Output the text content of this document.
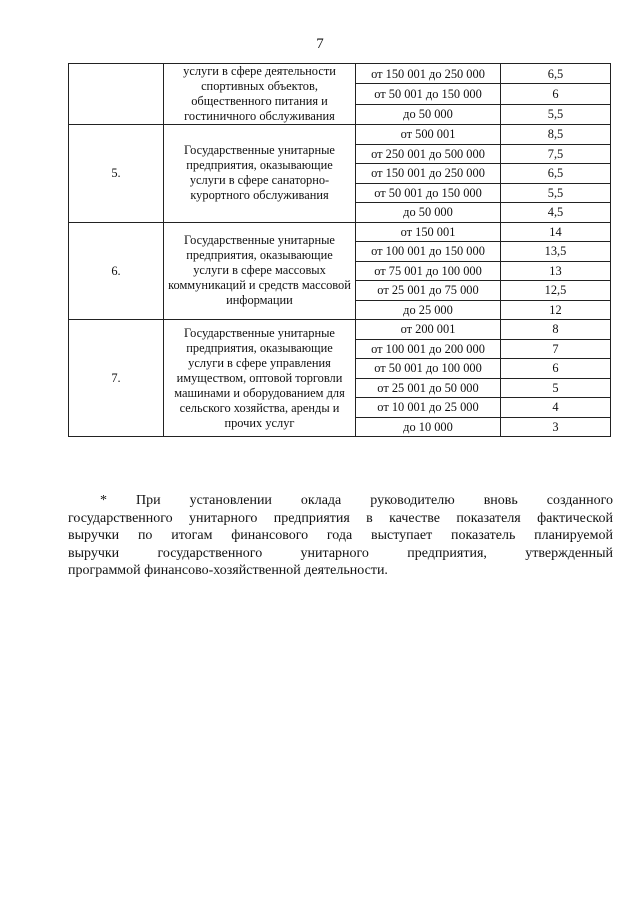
7

	услуги в сфере деятельности спортивных объектов, общественного питания и гостиничного обслуживания	от 150 001 до 250 000	6,5
		от 50 001 до 150 000	6
		до 50 000	5,5
5.	Государственные унитарные предприятия, оказывающие услуги в сфере санаторно-курортного обслуживания	от 500 001	8,5
		от 250 001 до 500 000	7,5
		от 150 001 до 250 000	6,5
		от 50 001 до 150 000	5,5
		до 50 000	4,5
6.	Государственные унитарные предприятия, оказывающие услуги в сфере массовых коммуникаций и средств массовой информации	от 150 001	14
		от 100 001 до 150 000	13,5
		от 75 001 до 100 000	13
		от 25 001 до 75 000	12,5
		до 25 000	12
7.	Государственные унитарные предприятия, оказывающие услуги в сфере управления имуществом, оптовой торговли машинами и оборудованием для сельского хозяйства, аренды и прочих услуг	от 200 001	8
		от 100 001 до 200 000	7
		от 50 001 до 100 000	6
		от 25 001 до 50 000	5
		от 10 001 до 25 000	4
		до 10 000	3
* При установлении оклада руководителю вновь созданного
государственного унитарного предприятия в качестве показателя фактической
выручки по итогам финансового года выступает показатель планируемой
выручки государственного унитарного предприятия, утвержденный
программой финансово-хозяйственной деятельности.
